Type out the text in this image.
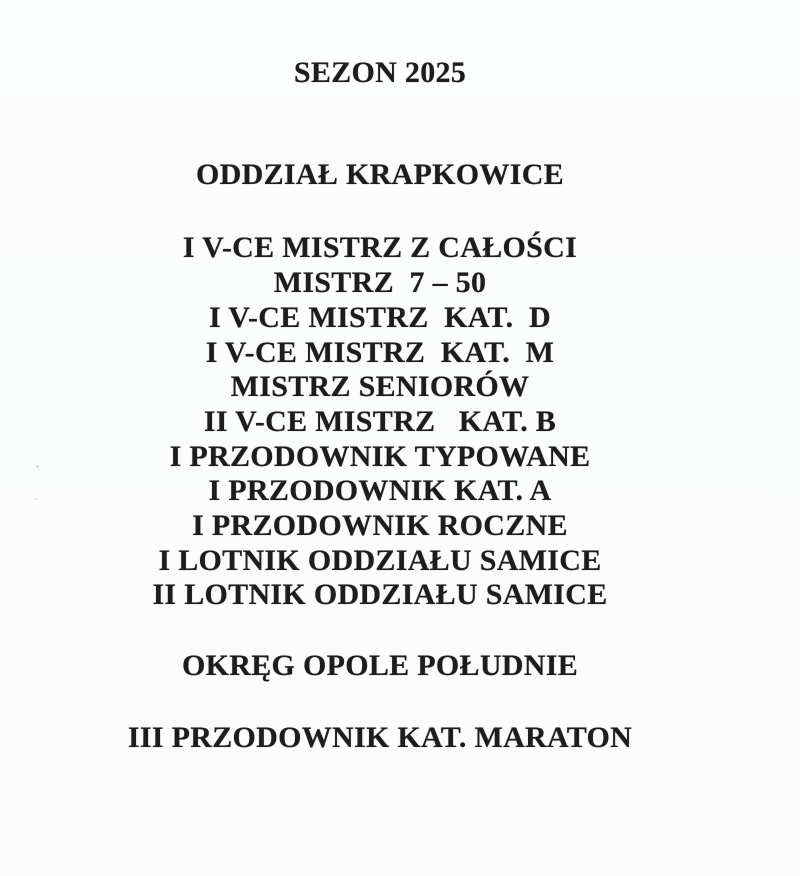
SEZON 2025
ODDZIAŁ KRAPKOWICE
I V-CE MISTRZ Z CAŁOŚCI
MISTRZ  7 – 50
I V-CE MISTRZ  KAT.  D
I V-CE MISTRZ  KAT.  M
MISTRZ SENIORÓW
II V-CE MISTRZ   KAT. B
I PRZODOWNIK TYPOWANE
I PRZODOWNIK KAT. A
I PRZODOWNIK ROCZNE
I LOTNIK ODDZIAŁU SAMICE
II LOTNIK ODDZIAŁU SAMICE
OKRĘG OPOLE POŁUDNIE
III PRZODOWNIK KAT. MARATON
